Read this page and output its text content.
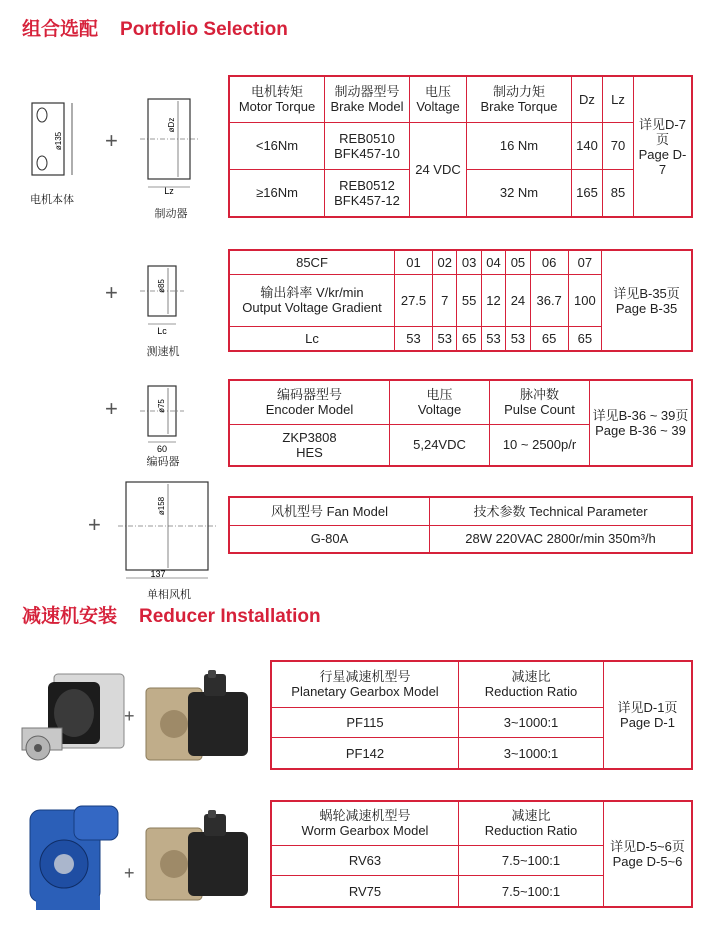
组合选配 Portfolio Selection
减速机安装 Reducer Installation
ø135
电机本体
+
øDz
Lz
制动器
电机转矩
Motor Torque	制动器型号
Brake Model	电压
Voltage	制动力矩
Brake Torque	Dz	Lz	详见D-7页
Page D-7

<16Nm	REB0510
BFK457-10	24 VDC	16 Nm	140	70	
≥16Nm	REB0512
BFK457-12		32 Nm	165	85	
+	ø85
Lc
测速机
85CF	01	02	03	04	05	06	07	详见B-35页
Page B-35

输出斜率 V/kr/min
Output Voltage Gradient	27.5	7	55	12	24	36.7	100	
Lc	53	53	65	53	53	65	65	
+	ø75
60
编码器
编码器型号
Encoder Model	电压
Voltage	脉冲数
Pulse Count	详见B-36 ~ 39页
Page B-36 ~ 39

ZKP3808
HES	5,24VDC	10 ~ 2500p/r	
+
ø158
137
单相风机
风机型号 Fan Model	技术参数 Technical Parameter
G-80A	28W 220VAC 2800r/min 350m³/h
+
行星减速机型号
Planetary Gearbox Model	减速比
Reduction Ratio	详见D-1页
Page D-1

PF115	3~1000:1	
PF142	3~1000:1	
+
蜗轮减速机型号
Worm Gearbox Model	减速比
Reduction Ratio	详见D-5~6页
Page D-5~6

RV63	7.5~100:1	
RV75	7.5~100:1	
